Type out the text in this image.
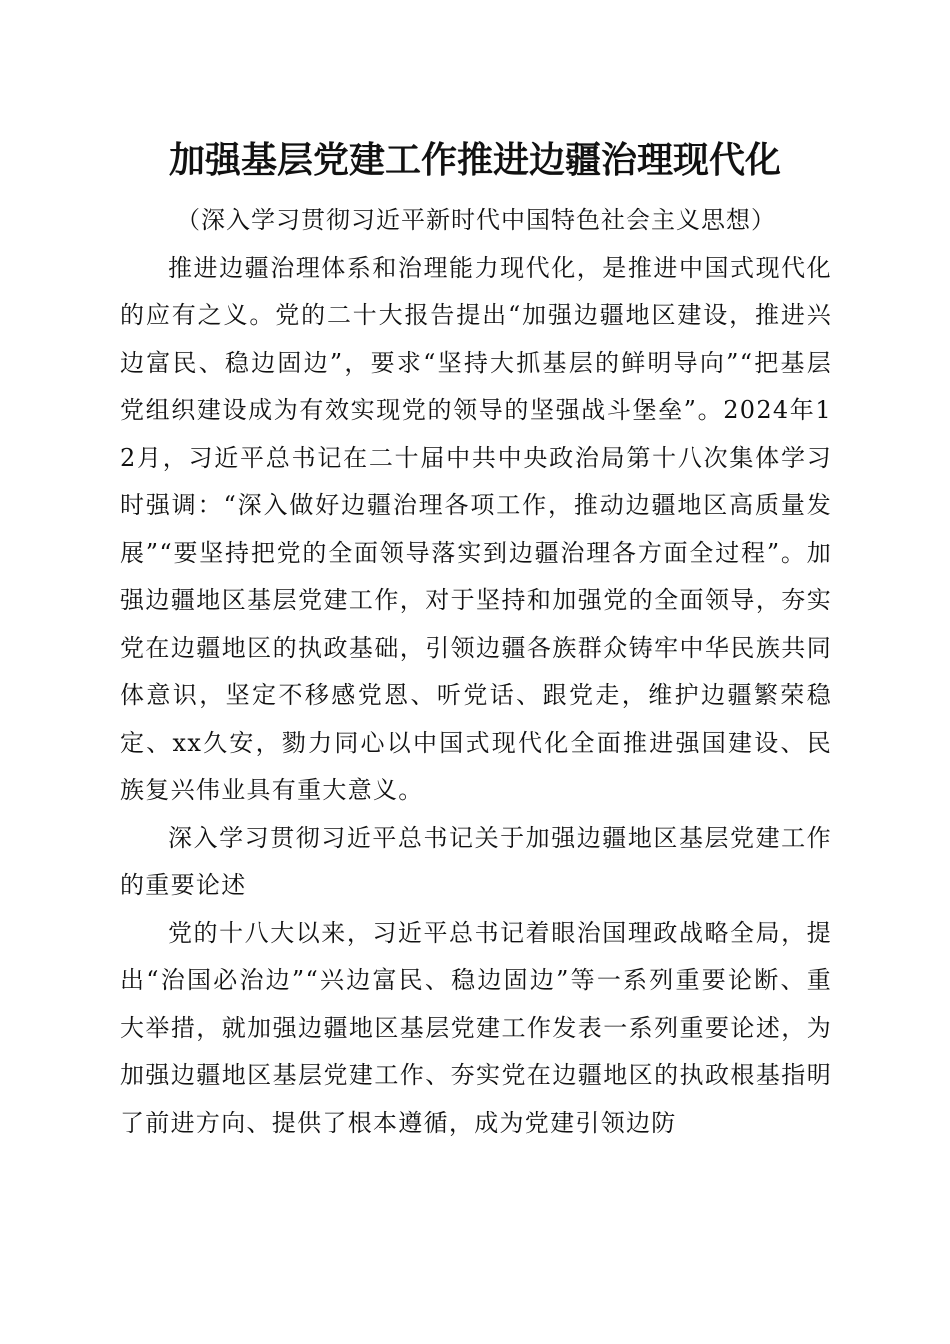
加强基层党建工作推进边疆治理现代化

（深入学习贯彻习近平新时代中国特色社会主义思想）

推进边疆治理体系和治理能力现代化，是推进中国式现代化的应有之义。党的二十大报告提出“加强边疆地区建设，推进兴边富民、稳边固边”，要求“坚持大抓基层的鲜明导向”“把基层党组织建设成为有效实现党的领导的坚强战斗堡垒”。2024年12月，习近平总书记在二十届中共中央政治局第十八次集体学习时强调：“深入做好边疆治理各项工作，推动边疆地区高质量发展”“要坚持把党的全面领导落实到边疆治理各方面全过程”。加强边疆地区基层党建工作，对于坚持和加强党的全面领导，夯实党在边疆地区的执政基础，引领边疆各族群众铸牢中华民族共同体意识，坚定不移感党恩、听党话、跟党走，维护边疆繁荣稳定、xx久安，勠力同心以中国式现代化全面推进强国建设、民族复兴伟业具有重大意义。

深入学习贯彻习近平总书记关于加强边疆地区基层党建工作的重要论述

党的十八大以来，习近平总书记着眼治国理政战略全局，提出“治国必治边”“兴边富民、稳边固边”等一系列重要论断、重大举措，就加强边疆地区基层党建工作发表一系列重要论述，为加强边疆地区基层党建工作、夯实党在边疆地区的执政根基指明了前进方向、提供了根本遵循，成为党建引领边防
